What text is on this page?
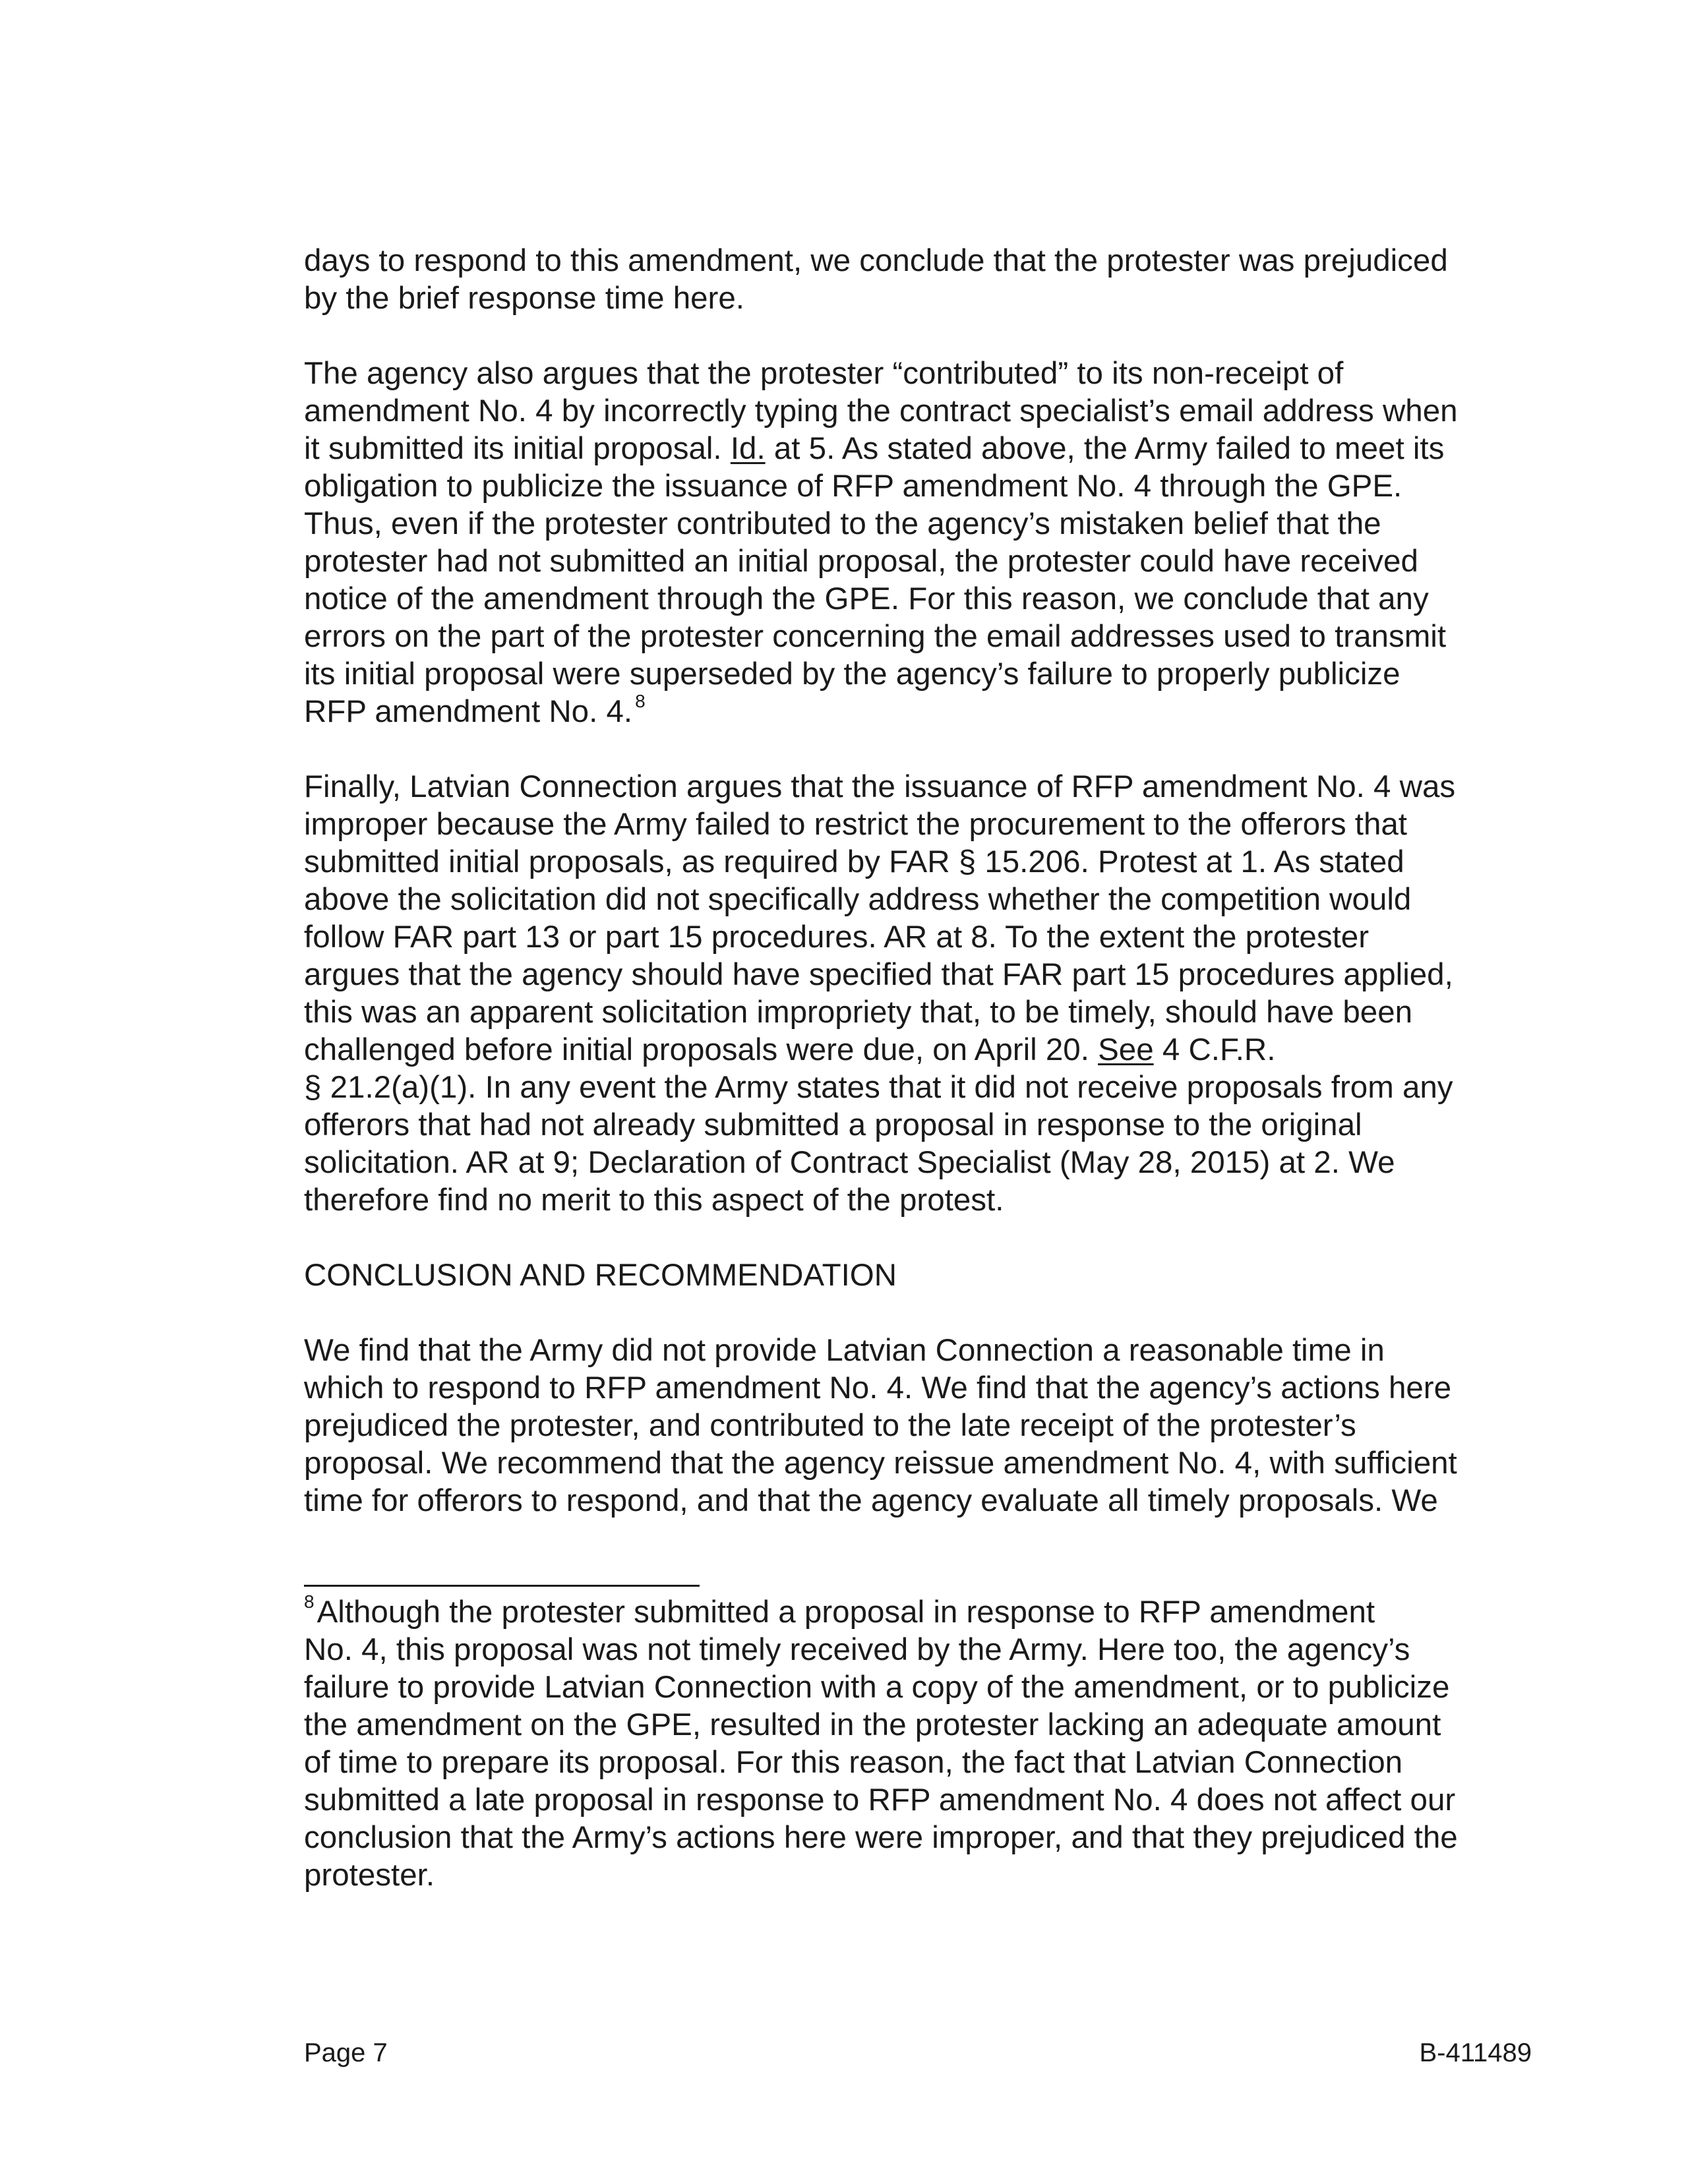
days to respond to this amendment, we conclude that the protester was prejudiced
by the brief response time here.
The agency also argues that the protester “contributed” to its non-receipt of
amendment No. 4 by incorrectly typing the contract specialist’s email address when
it submitted its initial proposal. Id. at 5. As stated above, the Army failed to meet its
obligation to publicize the issuance of RFP amendment No. 4 through the GPE.
Thus, even if the protester contributed to the agency’s mistaken belief that the
protester had not submitted an initial proposal, the protester could have received
notice of the amendment through the GPE. For this reason, we conclude that any
errors on the part of the protester concerning the email addresses used to transmit
its initial proposal were superseded by the agency’s failure to properly publicize
RFP amendment No. 4. $^8$
Finally, Latvian Connection argues that the issuance of RFP amendment No. 4 was
improper because the Army failed to restrict the procurement to the offerors that
submitted initial proposals, as required by FAR § 15.206. Protest at 1. As stated
above the solicitation did not specifically address whether the competition would
follow FAR part 13 or part 15 procedures. AR at 8. To the extent the protester
argues that the agency should have specified that FAR part 15 procedures applied,
this was an apparent solicitation impropriety that, to be timely, should have been
challenged before initial proposals were due, on April 20. See 4 C.F.R.
§ 21.2(a)(1). In any event the Army states that it did not receive proposals from any
offerors that had not already submitted a proposal in response to the original
solicitation. AR at 9; Declaration of Contract Specialist (May 28, 2015) at 2. We
therefore find no merit to this aspect of the protest.
CONCLUSION AND RECOMMENDATION
We find that the Army did not provide Latvian Connection a reasonable time in
which to respond to RFP amendment No. 4. We find that the agency’s actions here
prejudiced the protester, and contributed to the late receipt of the protester’s
proposal. We recommend that the agency reissue amendment No. 4, with sufficient
time for offerors to respond, and that the agency evaluate all timely proposals. We
$^8$Although the protester submitted a proposal in response to RFP amendment
No. 4, this proposal was not timely received by the Army. Here too, the agency’s
failure to provide Latvian Connection with a copy of the amendment, or to publicize
the amendment on the GPE, resulted in the protester lacking an adequate amount
of time to prepare its proposal. For this reason, the fact that Latvian Connection
submitted a late proposal in response to RFP amendment No. 4 does not affect our
conclusion that the Army’s actions here were improper, and that they prejudiced the
protester.
Page 7	B-411489
